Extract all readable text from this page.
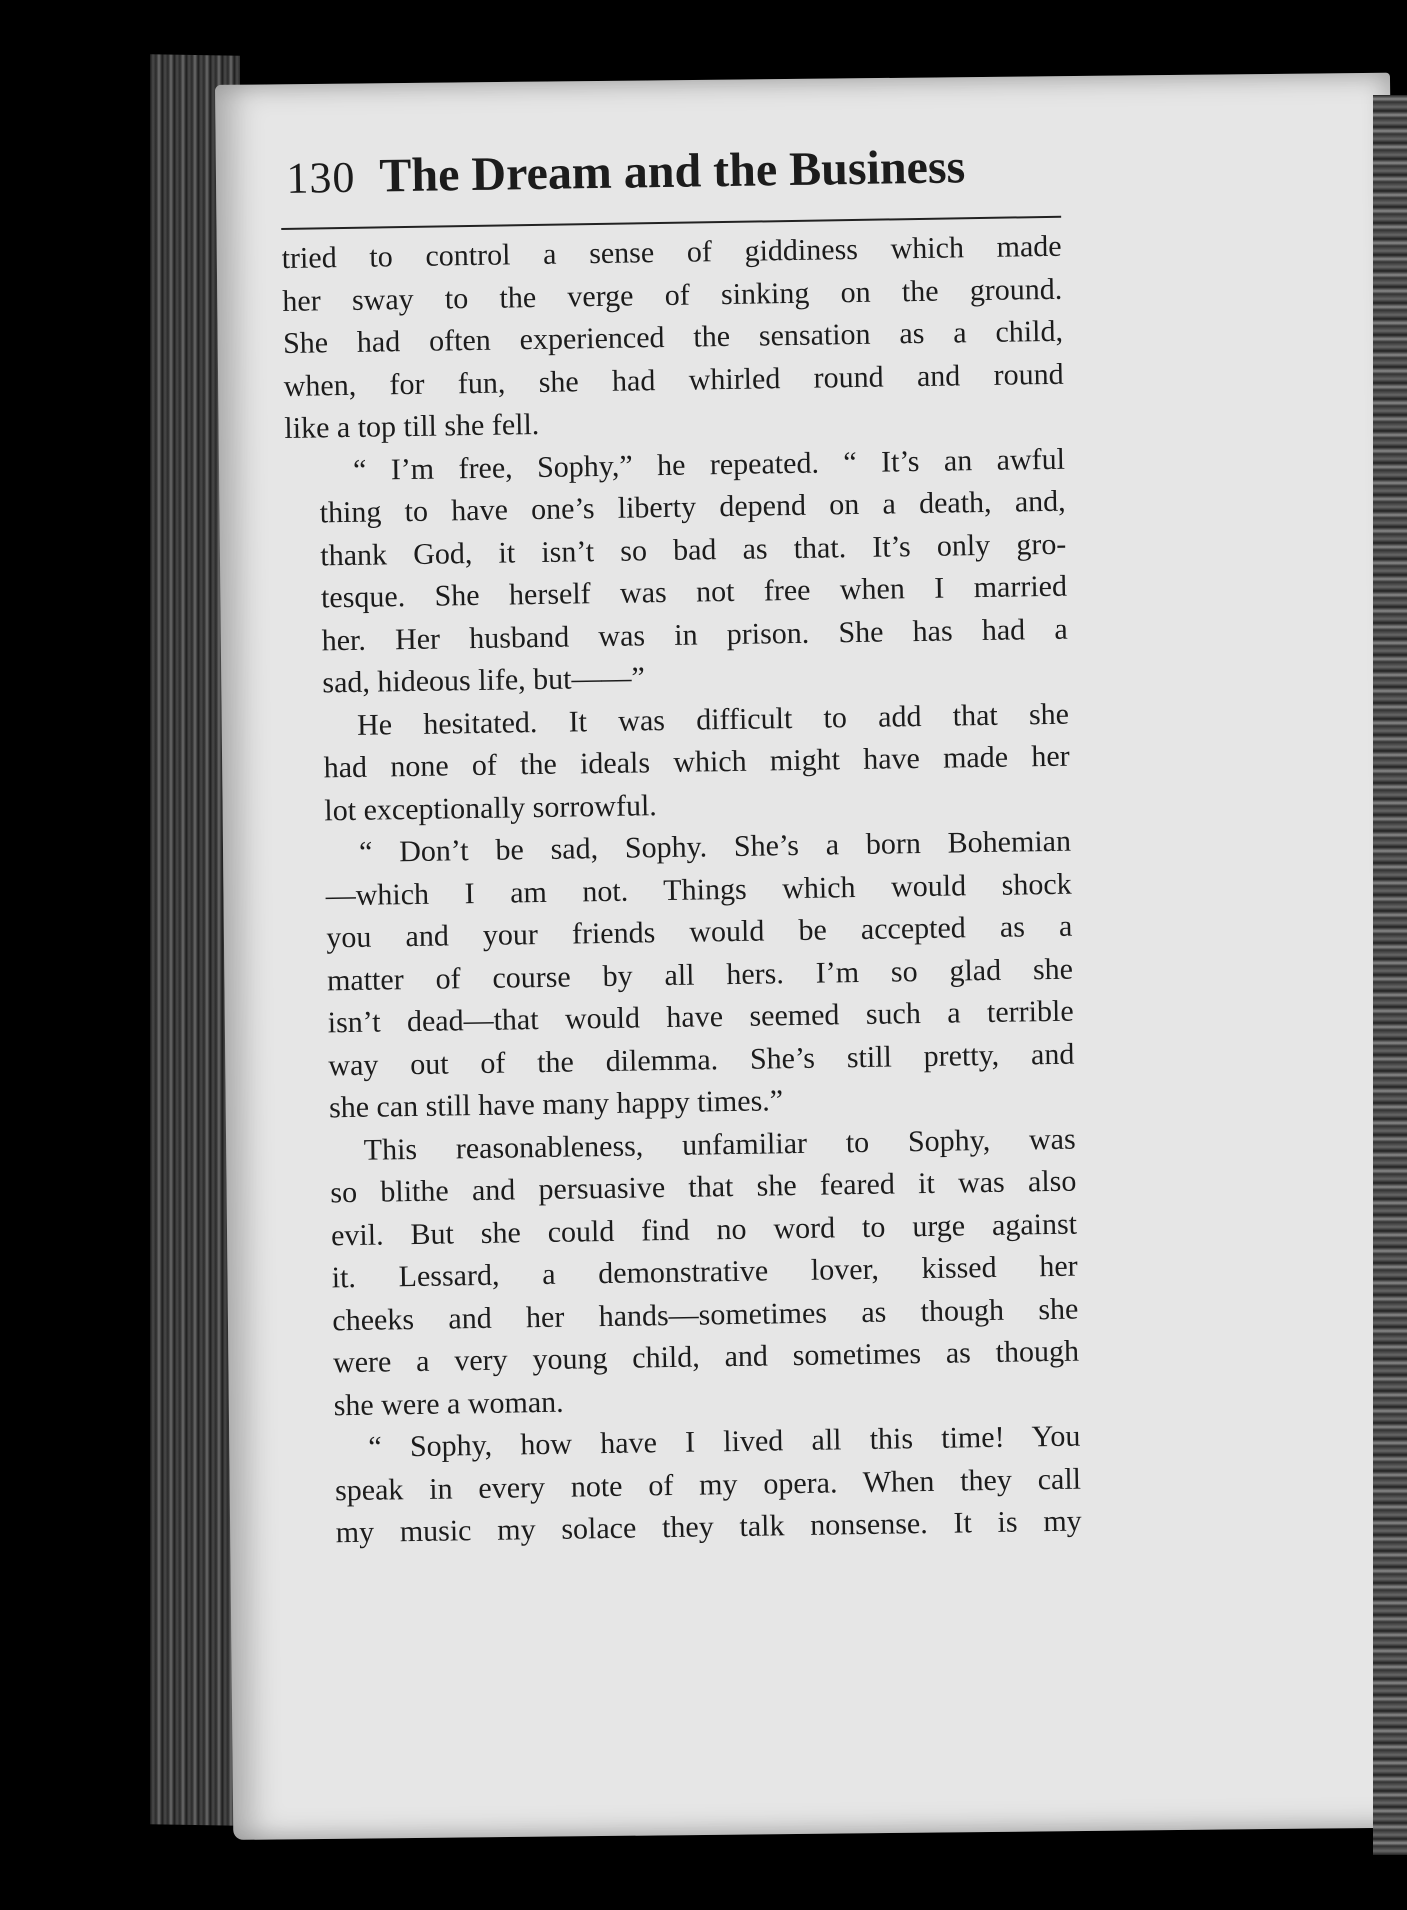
130 The Dream and the Business
tried to control a sense of giddiness which made
her sway to the verge of sinking on the ground.
She had often experienced the sensation as a child,
when, for fun, she had whirled round and round
like a top till she fell.
“ I’m free, Sophy,” he repeated. “ It’s an awful
thing to have one’s liberty depend on a death, and,
thank God, it isn’t so bad as that. It’s only gro-
tesque. She herself was not free when I married
her. Her husband was in prison. She has had a
sad, hideous life, but——”
He hesitated. It was difficult to add that she
had none of the ideals which might have made her
lot exceptionally sorrowful.
“ Don’t be sad, Sophy. She’s a born Bohemian
—which I am not. Things which would shock
you and your friends would be accepted as a
matter of course by all hers. I’m so glad she
isn’t dead—that would have seemed such a terrible
way out of the dilemma. She’s still pretty, and
she can still have many happy times.”
This reasonableness, unfamiliar to Sophy, was
so blithe and persuasive that she feared it was also
evil. But she could find no word to urge against
it. Lessard, a demonstrative lover, kissed her
cheeks and her hands—sometimes as though she
were a very young child, and sometimes as though
she were a woman.
“ Sophy, how have I lived all this time! You
speak in every note of my opera. When they call
my music my solace they talk nonsense. It is my
